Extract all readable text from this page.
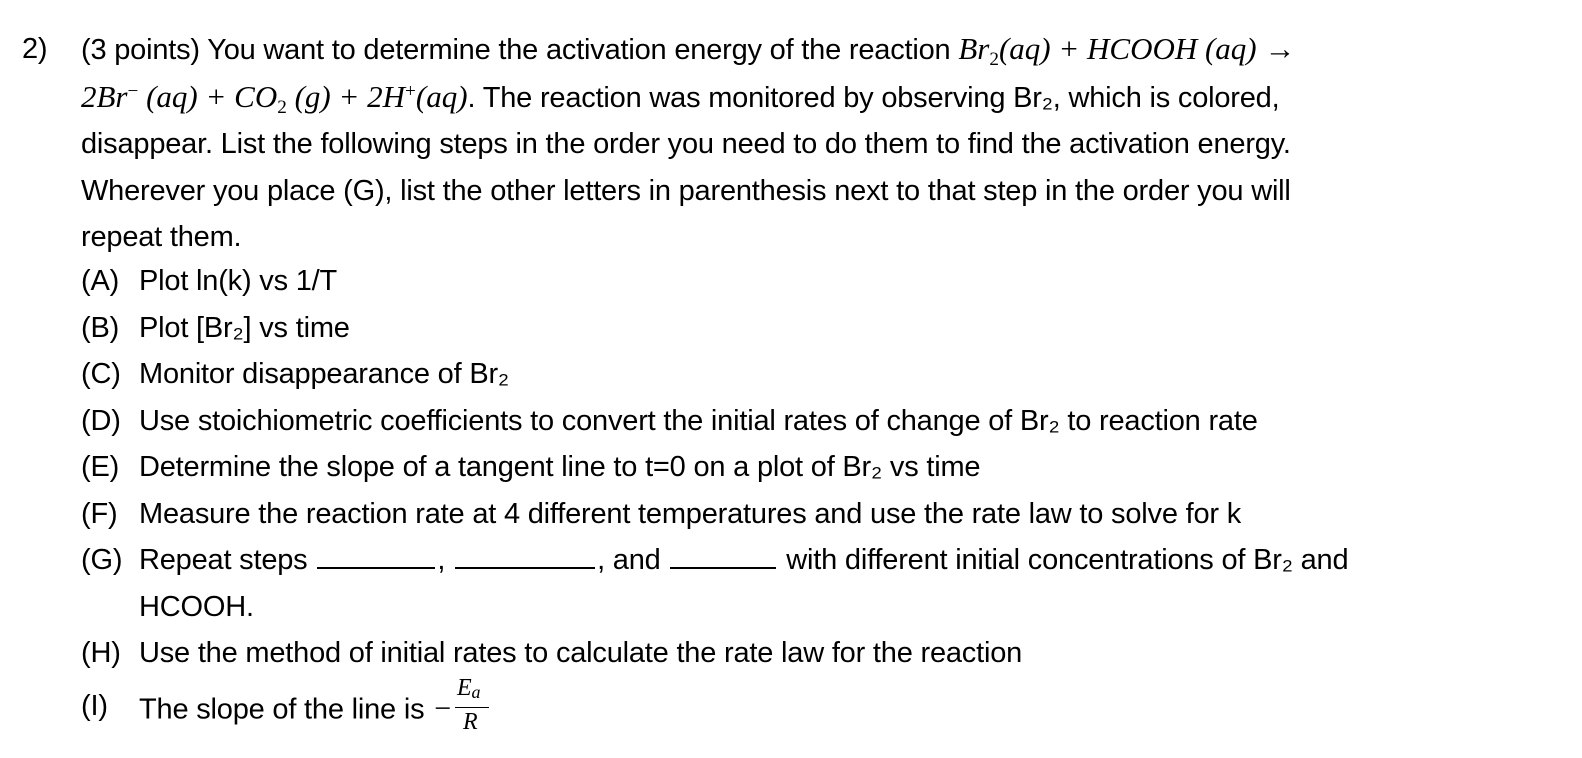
2) (3 points) You want to determine the activation energy of the reaction $Br_2(aq)$ + HCOOH (aq) →
2Br− $(aq) + CO_2$ (g) + 2H+(aq). The reaction was monitored by observing Br₂, which is colored,
disappear. List the following steps in the order you need to do them to find the activation energy.
Wherever you place (G), list the other letters in parenthesis next to that step in the order you will
repeat them.
(A) Plot ln(k) vs 1/T
(B) Plot [Br₂] vs time
(C) Monitor disappearance of Br₂
(D) Use stoichiometric coefficients to convert the initial rates of change of Br₂ to reaction rate
(E) Determine the slope of a tangent line to t=0 on a plot of Br₂ vs time
(F) Measure the reaction rate at 4 different temperatures and use the rate law to solve for k
(G) Repeat steps	,	, and	with different initial concentrations of Br₂ and
HCOOH.
(H) Use the method of initial rates to calculate the rate law for the reaction
(I) The slope of the line is − $\frac{E_a}{R}$
